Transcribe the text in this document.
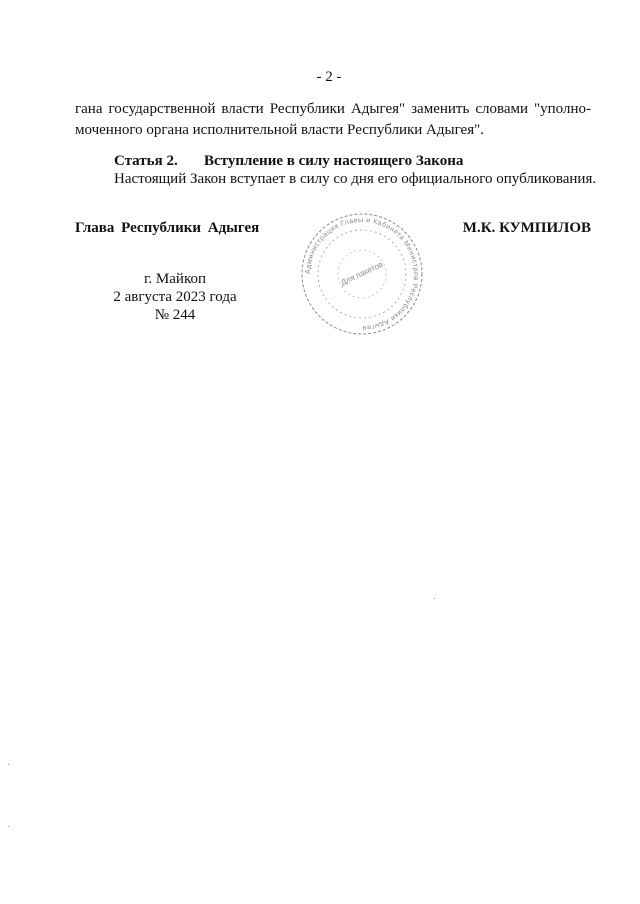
- 2 -
гана государственной власти Республики Адыгея" заменить словами "уполно-
моченного органа исполнительной власти Республики Адыгея".
Статья 2. Вступление в силу настоящего Закона
Настоящий Закон вступает в силу со дня его официального опубликования.
Глава Республики Адыгея	М.К. КУМПИЛОВ
г. Майкоп
2 августа 2023 года
№ 244
Администрация Главы и Кабинета Министров Республики Адыгея
Для пакетов
